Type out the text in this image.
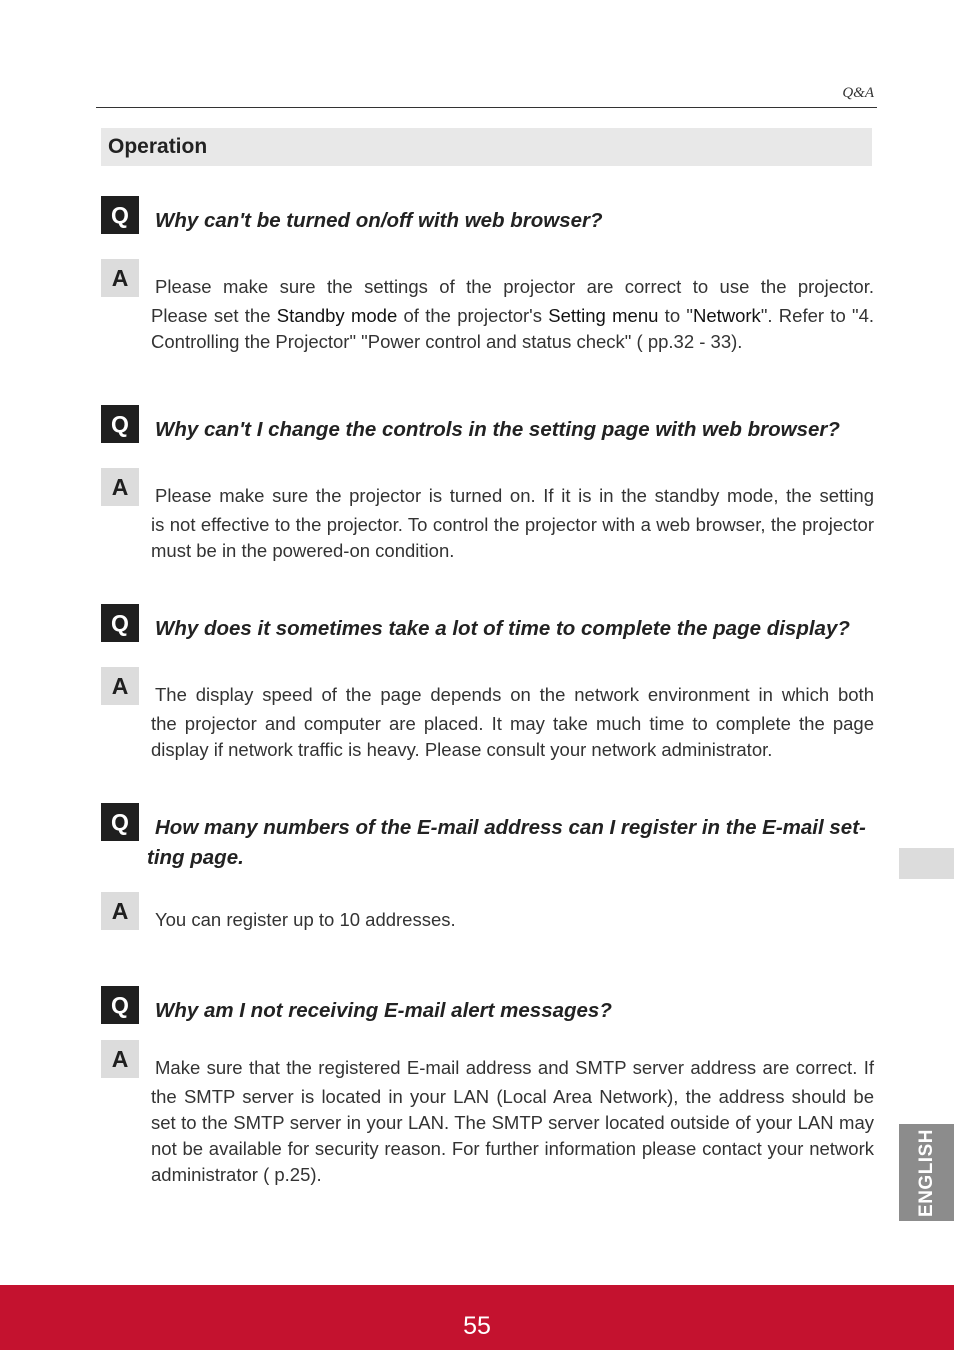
Q&A
Operation
Q	Why can't be turned on/off with web browser?
A	Please make sure the settings of the projector are correct to use the projector.
Please set the Standby mode of the projector's Setting menu to "Network". Refer to "4. Controlling the Projector" "Power control and status check" ( pp.32 - 33).
Q	Why can't I change the controls in the setting page with web browser?
A	Please make sure the projector is turned on. If it is in the standby mode, the setting
is not effective to the projector. To control the projector with a web browser, the projector must be in the powered-on condition.
Q	Why does it sometimes take a lot of time to complete the page display?
A	The display speed of the page depends on the network environment in which both
the projector and computer are placed. It may take much time to complete the page display if network traffic is heavy. Please consult your network administrator.
Q	How many numbers of the E-mail address can I register in the E-mail set-
ting page.
A	You can register up to 10 addresses.
Q	Why am I not receiving E-mail alert messages?
A	Make sure that the registered E-mail address and SMTP server address are correct. If
the SMTP server is located in your LAN (Local Area Network), the address should be set to the SMTP server in your LAN. The SMTP server located outside of your LAN may not be available for security reason. For further information please contact your network administrator ( p.25).	ENGLISH
55
